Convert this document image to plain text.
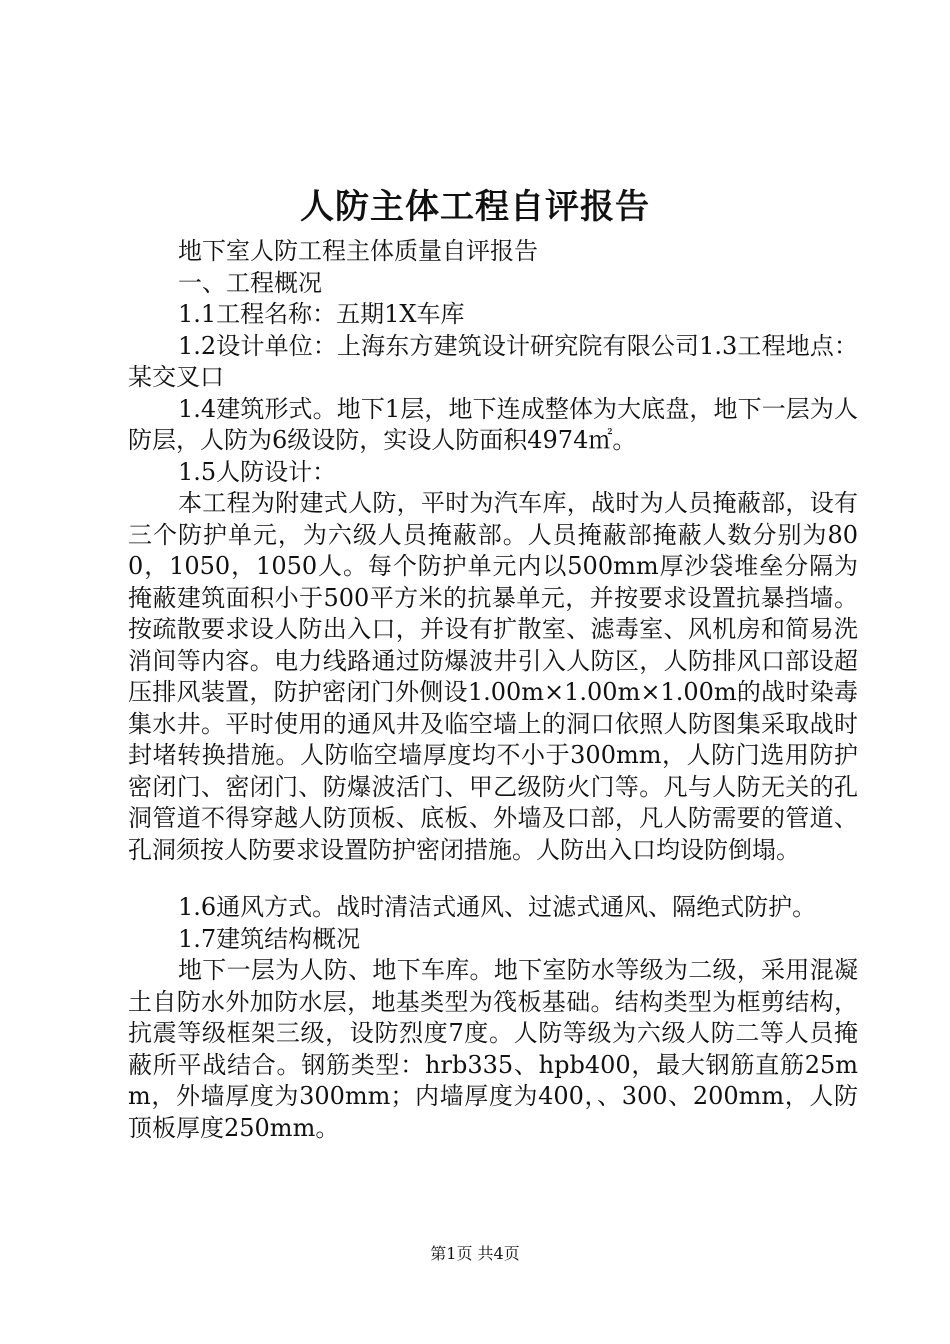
人防主体工程自评报告

地下室人防工程主体质量自评报告

一、工程概况

1.1工程名称：五期1X车库

1.2设计单位：上海东方建筑设计研究院有限公司1.3工程地点：某交叉口

1.4建筑形式。地下1层，地下连成整体为大底盘，地下一层为人防层，人防为6级设防，实设人防面积4974㎡。

1.5人防设计：

本工程为附建式人防，平时为汽车库，战时为人员掩蔽部，设有三个防护单元，为六级人员掩蔽部。人员掩蔽部掩蔽人数分别为800，1050，1050人。每个防护单元内以500mm厚沙袋堆垒分隔为掩蔽建筑面积小于500平方米的抗暴单元，并按要求设置抗暴挡墙。按疏散要求设人防出入口，并设有扩散室、滤毒室、风机房和简易洗消间等内容。电力线路通过防爆波井引入人防区，人防排风口部设超压排风装置，防护密闭门外侧设1.00m×1.00m×1.00m的战时染毒集水井。平时使用的通风井及临空墙上的洞口依照人防图集采取战时封堵转换措施。人防临空墙厚度均不小于300mm，人防门选用防护密闭门、密闭门、防爆波活门、甲乙级防火门等。凡与人防无关的孔洞管道不得穿越人防顶板、底板、外墙及口部，凡人防需要的管道、孔洞须按人防要求设置防护密闭措施。人防出入口均设防倒塌。

1.6通风方式。战时清洁式通风、过滤式通风、隔绝式防护。

1.7建筑结构概况

地下一层为人防、地下车库。地下室防水等级为二级，采用混凝土自防水外加防水层，地基类型为筏板基础。结构类型为框剪结构，抗震等级框架三级，设防烈度7度。人防等级为六级人防二等人员掩蔽所平战结合。钢筋类型：hrb335、hpb400，最大钢筋直筋25mm，外墙厚度为300mm；内墙厚度为400，、300、200mm，人防顶板厚度250mm。

第1页 共4页
